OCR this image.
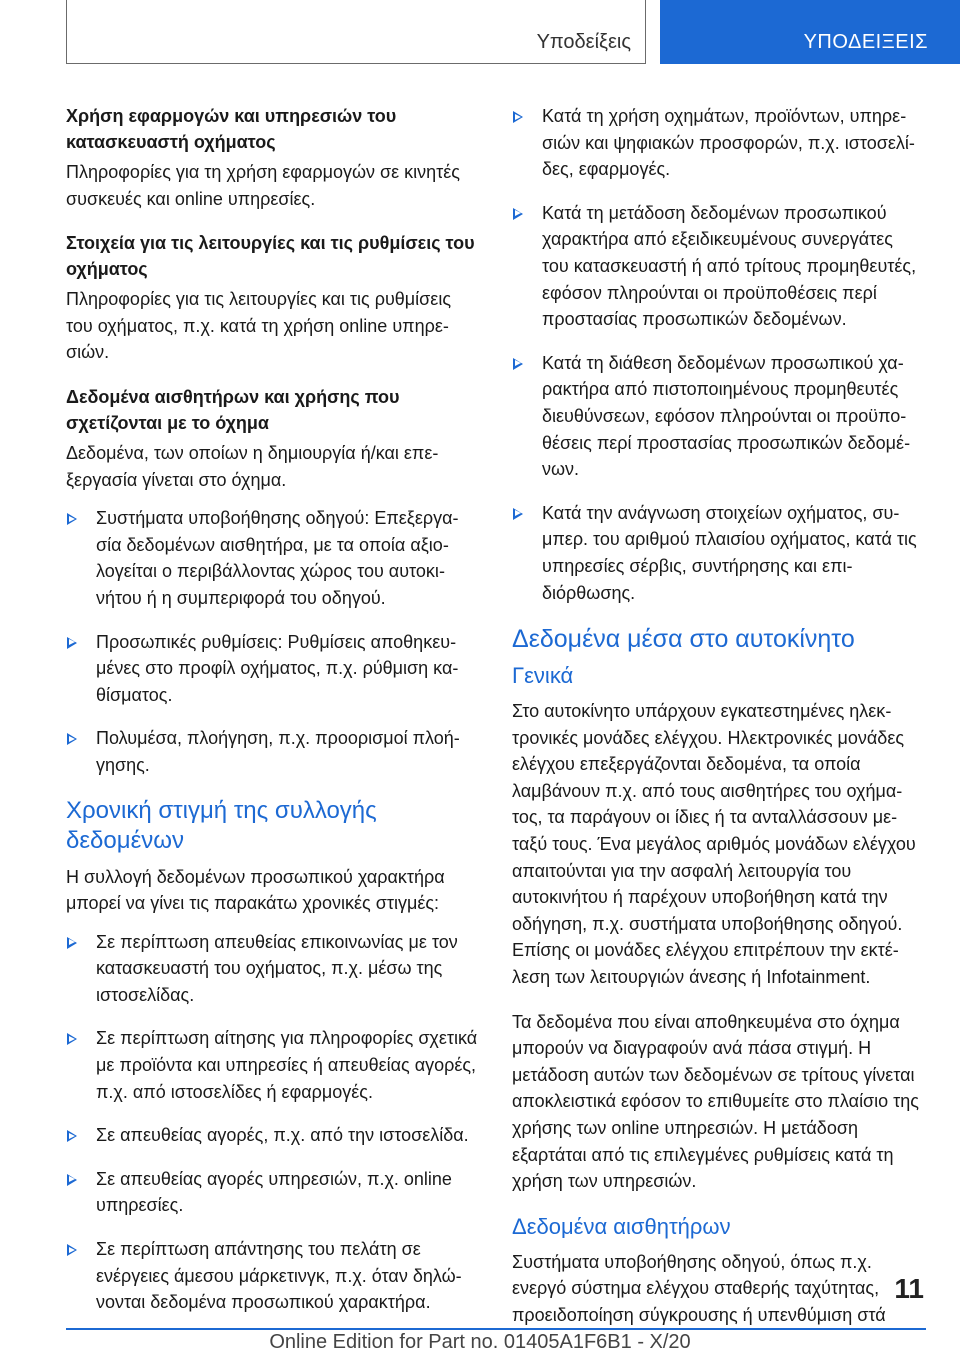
Υποδείξεις	ΥΠΟΔΕΙΞΕΙΣ
Χρήση εφαρμογών και υπηρεσιών του κατασκευαστή οχήματος
Πληροφορίες για τη χρήση εφαρμογών σε κινητές συσκευές και online υπηρεσίες.
Στοιχεία για τις λειτουργίες και τις ρυθμίσεις του οχήματος
Πληροφορίες για τις λειτουργίες και τις ρυθμίσεις του οχήματος, π.χ. κατά τη χρήση online υπηρεσιών.
Δεδομένα αισθητήρων και χρήσης που σχετίζονται με το όχημα
Δεδομένα, των οποίων η δημιουργία ή/και επεξεργασία γίνεται στο όχημα.
Συστήματα υποβοήθησης οδηγού: Επεξεργασία δεδομένων αισθητήρα, με τα οποία αξιολογείται ο περιβάλλοντας χώρος του αυτοκινήτου ή η συμπεριφορά του οδηγού.
Προσωπικές ρυθμίσεις: Ρυθμίσεις αποθηκευμένες στο προφίλ οχήματος, π.χ. ρύθμιση καθίσματος.
Πολυμέσα, πλοήγηση, π.χ. προορισμοί πλοήγησης.
Χρονική στιγμή της συλλογής δεδομένων
Η συλλογή δεδομένων προσωπικού χαρακτήρα μπορεί να γίνει τις παρακάτω χρονικές στιγμές:
Σε περίπτωση απευθείας επικοινωνίας με τον κατασκευαστή του οχήματος, π.χ. μέσω της ιστοσελίδας.
Σε περίπτωση αίτησης για πληροφορίες σχετικά με προϊόντα και υπηρεσίες ή απευθείας αγορές, π.χ. από ιστοσελίδες ή εφαρμογές.
Σε απευθείας αγορές, π.χ. από την ιστοσελίδα.
Σε απευθείας αγορές υπηρεσιών, π.χ. online υπηρεσίες.
Σε περίπτωση απάντησης του πελάτη σε ενέργειες άμεσου μάρκετινγκ, π.χ. όταν δηλώνονται δεδομένα προσωπικού χαρακτήρα.
Κατά τη χρήση οχημάτων, προϊόντων, υπηρεσιών και ψηφιακών προσφορών, π.χ. ιστοσελίδες, εφαρμογές.
Κατά τη μετάδοση δεδομένων προσωπικού χαρακτήρα από εξειδικευμένους συνεργάτες του κατασκευαστή ή από τρίτους προμηθευτές, εφόσον πληρούνται οι προϋποθέσεις περί προστασίας προσωπικών δεδομένων.
Κατά τη διάθεση δεδομένων προσωπικού χαρακτήρα από πιστοποιημένους προμηθευτές διευθύνσεων, εφόσον πληρούνται οι προϋποθέσεις περί προστασίας προσωπικών δεδομένων.
Κατά την ανάγνωση στοιχείων οχήματος, συμπερ. του αριθμού πλαισίου οχήματος, κατά τις υπηρεσίες σέρβις, συντήρησης και επιδιόρθωσης.
Δεδομένα μέσα στο αυτοκίνητο
Γενικά
Στο αυτοκίνητο υπάρχουν εγκατεστημένες ηλεκτρονικές μονάδες ελέγχου. Ηλεκτρονικές μονάδες ελέγχου επεξεργάζονται δεδομένα, τα οποία λαμβάνουν π.χ. από τους αισθητήρες του οχήματος, τα παράγουν οι ίδιες ή τα ανταλλάσσουν μεταξύ τους. Ένα μεγάλος αριθμός μονάδων ελέγχου απαιτούνται για την ασφαλή λειτουργία του αυτοκινήτου ή παρέχουν υποβοήθηση κατά την οδήγηση, π.χ. συστήματα υποβοήθησης οδηγού. Επίσης οι μονάδες ελέγχου επιτρέπουν την εκτέλεση των λειτουργιών άνεσης ή Infotainment.
Τα δεδομένα που είναι αποθηκευμένα στο όχημα μπορούν να διαγραφούν ανά πάσα στιγμή. Η μετάδοση αυτών των δεδομένων σε τρίτους γίνεται αποκλειστικά εφόσον το επιθυμείτε στο πλαίσιο της χρήσης των online υπηρεσιών. Η μετάδοση εξαρτάται από τις επιλεγμένες ρυθμίσεις κατά τη χρήση των υπηρεσιών.
Δεδομένα αισθητήρων
Συστήματα υποβοήθησης οδηγού, όπως π.χ. ενεργό σύστημα ελέγχου σταθερής ταχύτητας, προειδοποίηση σύγκρουσης ή υπενθύμιση στά
11
Online Edition for Part no. 01405A1F6B1 - X/20
